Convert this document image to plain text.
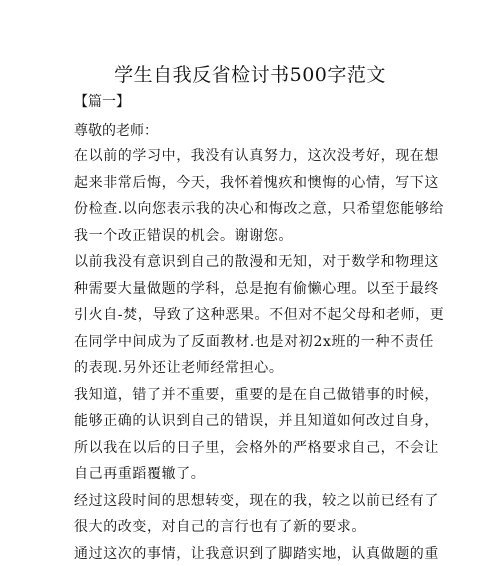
学生自我反省检讨书500字范文
【篇一】
尊敬的老师：
在以前的学习中，我没有认真努力，这次没考好，现在想
起来非常后悔，今天，我怀着愧疚和懊悔的心情，写下这
份检查.以向您表示我的决心和悔改之意，只希望您能够给
我一个改正错误的机会。谢谢您。
以前我没有意识到自己的散漫和无知，对于数学和物理这
种需要大量做题的学科，总是抱有偷懒心理。以至于最终
引火自-焚，导致了这种恶果。不但对不起父母和老师，更
在同学中间成为了反面教材.也是对初2x班的一种不责任
的表现.另外还让老师经常担心。
我知道，错了并不重要，重要的是在自己做错事的时候，
能够正确的认识到自己的错误，并且知道如何改过自身，
所以我在以后的日子里，会格外的严格要求自己，不会让
自己再重蹈覆辙了。
经过这段时间的思想转变，现在的我，较之以前已经有了
很大的改变，对自己的言行也有了新的要求。
通过这次的事情，让我意识到了脚踏实地，认真做题的重
